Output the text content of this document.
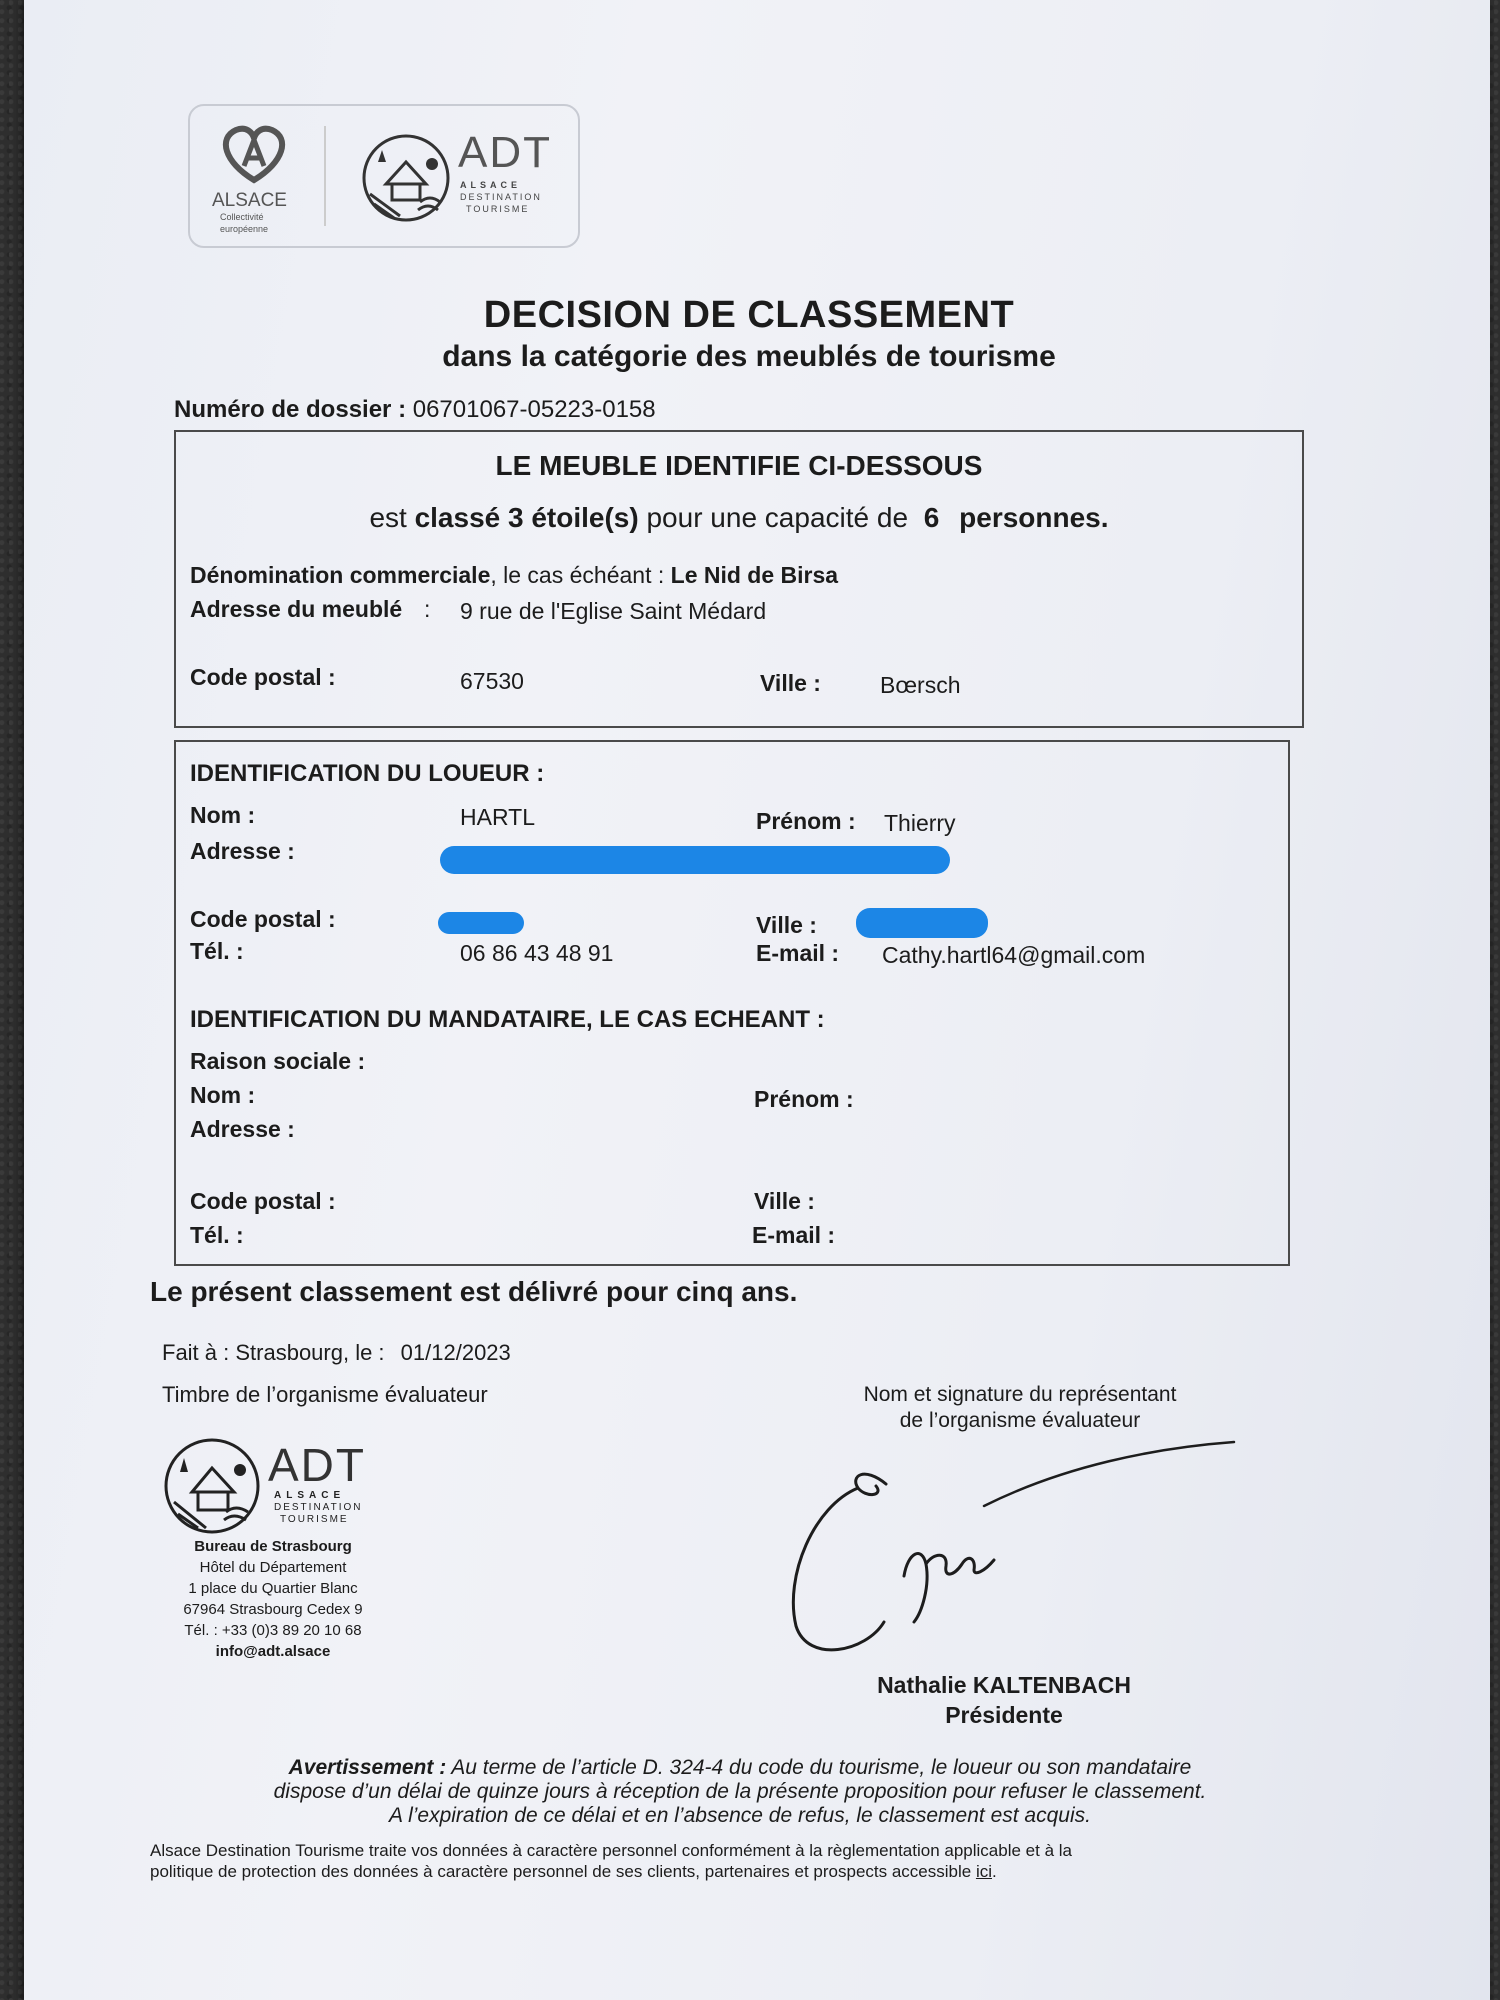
ALSACE
Collectivité
européenne
ADT
ALSACE
DESTINATION
TOURISME
DECISION DE CLASSEMENT
dans la catégorie des meublés de tourisme
Numéro de dossier : 06701067-05223-0158
LE MEUBLE IDENTIFIE CI-DESSOUS
est classé 3 étoile(s) pour une capacité de 6 personnes.
Dénomination commerciale, le cas échéant : Le Nid de Birsa
Adresse du meublé : 9 rue de l'Eglise Saint Médard
Code postal :	67530	Ville :	Bœrsch
IDENTIFICATION DU LOUEUR :
Nom :	HARTL	Prénom : Thierry
Adresse :
Code postal :	Ville :
Tél. :	06 86 43 48 91	E-mail : Cathy.hartl64@gmail.com
IDENTIFICATION DU MANDATAIRE, LE CAS ECHEANT :
Raison sociale :
Nom :	Prénom :
Adresse :
Code postal :	Ville :
Tél. :	E-mail :
Le présent classement est délivré pour cinq ans.
Fait à : Strasbourg, le : 01/12/2023
Timbre de l’organisme évaluateur	Nom et signature du représentant
de l’organisme évaluateur
ADT
ALSACE
DESTINATION
TOURISME
Bureau de Strasbourg
Hôtel du Département
1 place du Quartier Blanc
67964 Strasbourg Cedex 9
Tél. : +33 (0)3 89 20 10 68
info@adt.alsace
Nathalie KALTENBACH
Présidente
Avertissement : Au terme de l’article D. 324-4 du code du tourisme, le loueur ou son mandataire
dispose d’un délai de quinze jours à réception de la présente proposition pour refuser le classement.
A l’expiration de ce délai et en l’absence de refus, le classement est acquis.
Alsace Destination Tourisme traite vos données à caractère personnel conformément à la règlementation applicable et à la
politique de protection des données à caractère personnel de ses clients, partenaires et prospects accessible ici.
